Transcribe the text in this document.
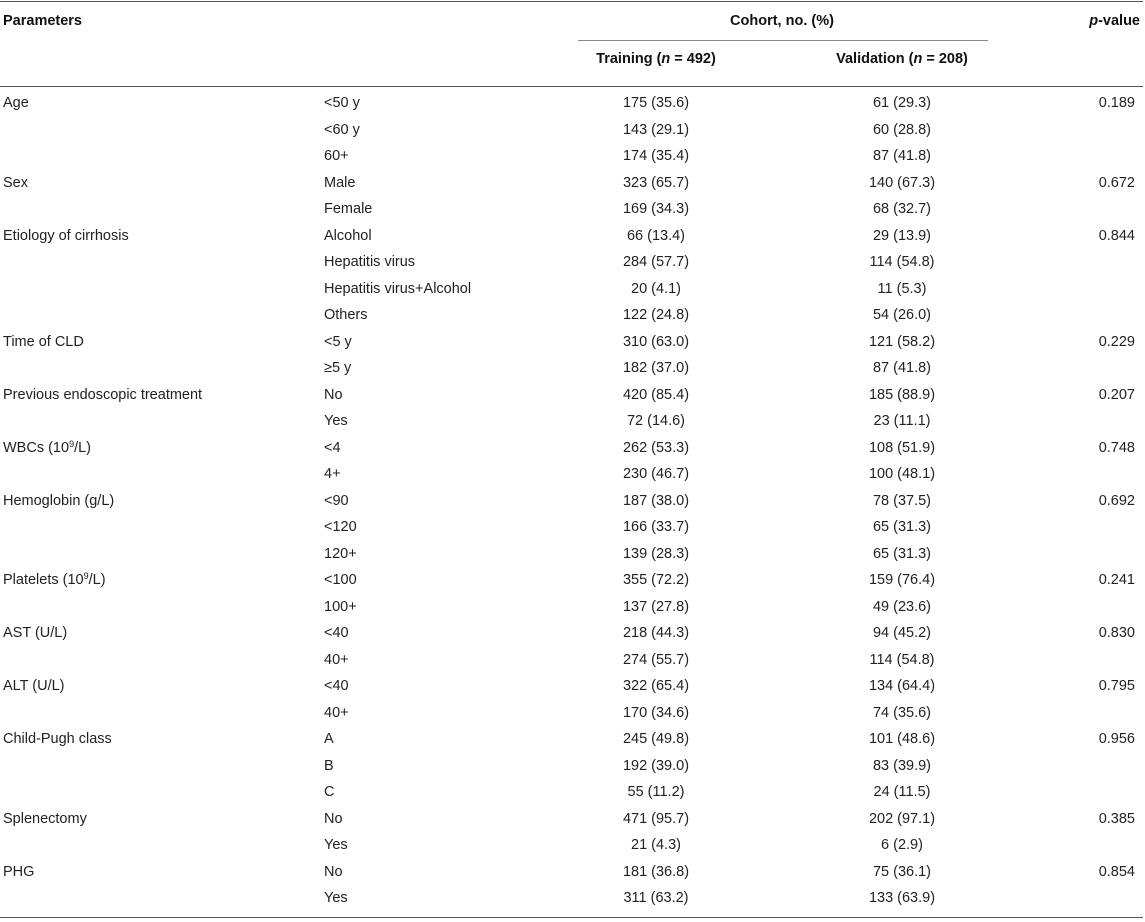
Parameters	Cohort, no. (%)	p-value
Training (n = 492)	Validation (n = 208)
Age	<50 y	175 (35.6)	61 (29.3)	0.189
<60 y	143 (29.1)	60 (28.8)
60+	174 (35.4)	87 (41.8)
Sex	Male	323 (65.7)	140 (67.3)	0.672
Female	169 (34.3)	68 (32.7)
Etiology of cirrhosis	Alcohol	66 (13.4)	29 (13.9)	0.844
Hepatitis virus	284 (57.7)	114 (54.8)
Hepatitis virus+Alcohol	20 (4.1)	11 (5.3)
Others	122 (24.8)	54 (26.0)
Time of CLD	<5 y	310 (63.0)	121 (58.2)	0.229
≥5 y	182 (37.0)	87 (41.8)
Previous endoscopic treatment	No	420 (85.4)	185 (88.9)	0.207
Yes	72 (14.6)	23 (11.1)
WBCs $(10^9/L)$	<4	262 (53.3)	108 (51.9)	0.748
4+	230 (46.7)	100 (48.1)
Hemoglobin (g/L)	<90	187 (38.0)	78 (37.5)	0.692
<120	166 (33.7)	65 (31.3)
120+	139 (28.3)	65 (31.3)
Platelets $(10^9/L)$	<100	355 (72.2)	159 (76.4)	0.241
100+	137 (27.8)	49 (23.6)
AST (U/L)	<40	218 (44.3)	94 (45.2)	0.830
40+	274 (55.7)	114 (54.8)
ALT (U/L)	<40	322 (65.4)	134 (64.4)	0.795
40+	170 (34.6)	74 (35.6)
Child-Pugh class	A	245 (49.8)	101 (48.6)	0.956
B	192 (39.0)	83 (39.9)
C	55 (11.2)	24 (11.5)
Splenectomy	No	471 (95.7)	202 (97.1)	0.385
Yes	21 (4.3)	6 (2.9)
PHG	No	181 (36.8)	75 (36.1)	0.854
Yes	311 (63.2)	133 (63.9)
